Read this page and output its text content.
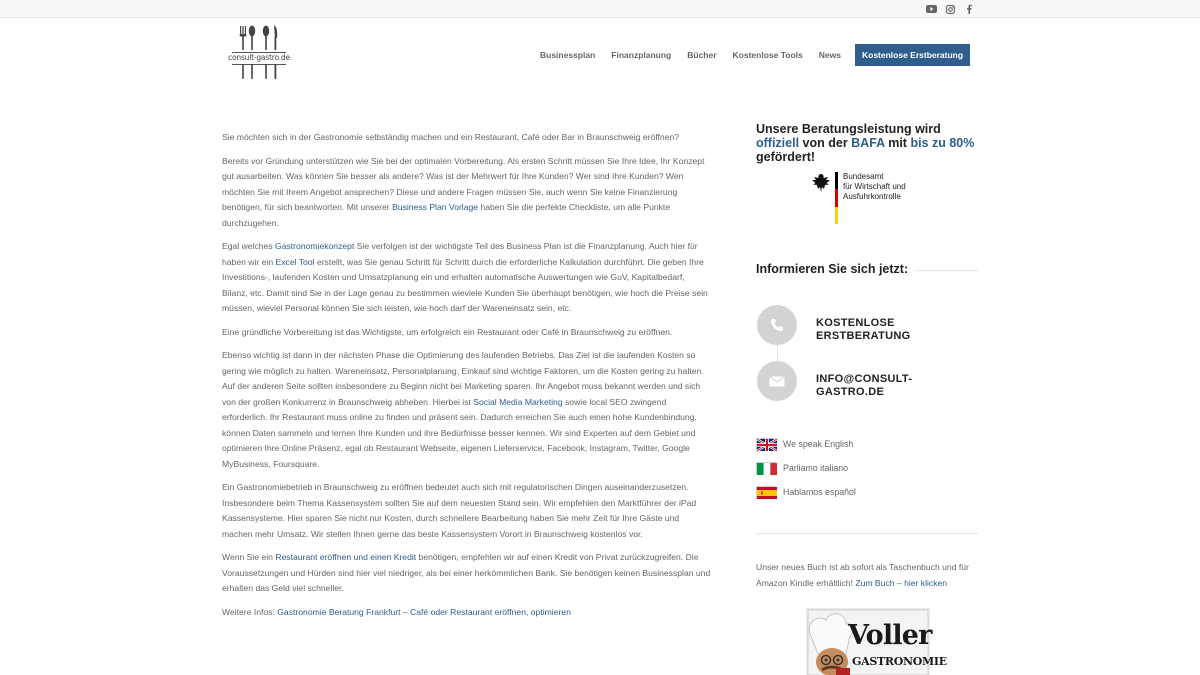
consult-gastro.de	Businessplan Finanzplanung Bücher Kostenlose Tools News	Kostenlose Erstberatung

Sie möchten sich in der Gastronomie selbständig machen und ein Restaurant, Café oder Bar in Braunschweig eröffnen?

Bereits vor Gründung unterstützen wie Sie bei der optimalen Vorbereitung. Als ersten Schritt müssen Sie Ihre Idee, Ihr Konzept gut ausarbeiten. Was können Sie besser als andere? Was ist der Mehrwert für Ihre Kunden? Wer sind Ihre Kunden? Wen möchten Sie mit Ihrem Angebot ansprechen? Diese und andere Fragen müssen Sie, auch wenn Sie keine Finanzierung benötigen, für sich beantworten. Mit unserer Business Plan Vorlage haben Sie die perfekte Checkliste, um alle Punkte durchzugehen.

Egal welches Gastronomiekonzept Sie verfolgen ist der wichtigste Teil des Business Plan ist die Finanzplanung. Auch hier für haben wir ein Excel Tool erstellt, was Sie genau Schritt für Schritt durch die erforderliche Kalkulation durchführt. Die geben Ihre Investitions-, laufenden Kosten und Umsatzplanung ein und erhalten automatische Auswertungen wie GuV, Kapitalbedarf, Bilanz, etc. Damit sind Sie in der Lage genau zu bestimmen wieviele Kunden Sie überhaupt benötigen, wie hoch die Preise sein müssen, wieviel Personal können Sie sich leisten, wie hoch darf der Wareneinsatz sein, etc.

Eine gründliche Vorbereitung ist das Wichtigste, um erfolgreich ein Restaurant oder Café in Braunschweig zu eröffnen.

Ebenso wichtig ist dann in der nächsten Phase die Optimierung des laufenden Betriebs. Das Ziel ist die laufenden Kosten so gering wie möglich zu halten. Wareneinsatz, Personalplanung, Einkauf sind wichtige Faktoren, um die Kosten gering zu halten. Auf der anderen Seite sollten insbesondere zu Beginn nicht bei Marketing sparen. Ihr Angebot muss bekannt werden und sich von der großen Konkurrenz in Braunschweig abheben. Hierbei ist Social Media Marketing sowie local SEO zwingend erforderlich. Ihr Restaurant muss online zu finden und präsent sein. Dadurch erreichen Sie auch einen hohe Kundenbindung, können Daten sammeln und lernen Ihre Kunden und ihre Bedürfnisse besser kennen. Wir sind Experten auf dem Gebiet und optimieren Ihre Online Präsenz, egal ob Restaurant Webseite, eigenen Lieferservice, Facebook, Instagram, Twitter, Google MyBusiness, Foursquare.

Ein Gastronomiebetrieb in Braunschweig zu eröffnen bedeutet auch sich mit regulatorischen Dingen auseinanderzusetzen. Insbesondere beim Thema Kassensystem sollten Sie auf dem neuesten Stand sein. Wir empfehlen den Marktführer der iPad Kassensysteme. Hier sparen Sie nicht nur Kosten, durch schnellere Bearbeitung haben Sie mehr Zeit für Ihre Gäste und machen mehr Umsatz. Wir stellen Ihnen gerne das beste Kassensystem Vorort in Braunschweig kostenlos vor.

Wenn Sie ein Restaurant eröffnen und einen Kredit benötigen, empfehlen wir auf einen Kredit von Privat zurückzugreifen. Die Voraussetzungen und Hürden sind hier viel niedriger, als bei einer herkömmlichen Bank. Sie benötigen keinen Businessplan und erhalten das Geld viel schneller.

Weitere Infos: Gastronomie Beratung Frankfurt – Café oder Restaurant eröffnen, optimieren

Unsere Beratungsleistung wird offiziell von der BAFA mit bis zu 80% gefördert!
Bundesamt
für Wirtschaft und
Ausfuhrkontrolle
Informieren Sie sich jetzt:
KOSTENLOSE ERSTBERATUNG
INFO@CONSULT-GASTRO.DE
We speak English
Parliamo italiano
Hablamos español
Unser neues Buch ist ab sofort als Taschenbuch und für Amazon Kindle erhältlich! Zum Buch – hier klicken
Voller
GASTRONOMIE
